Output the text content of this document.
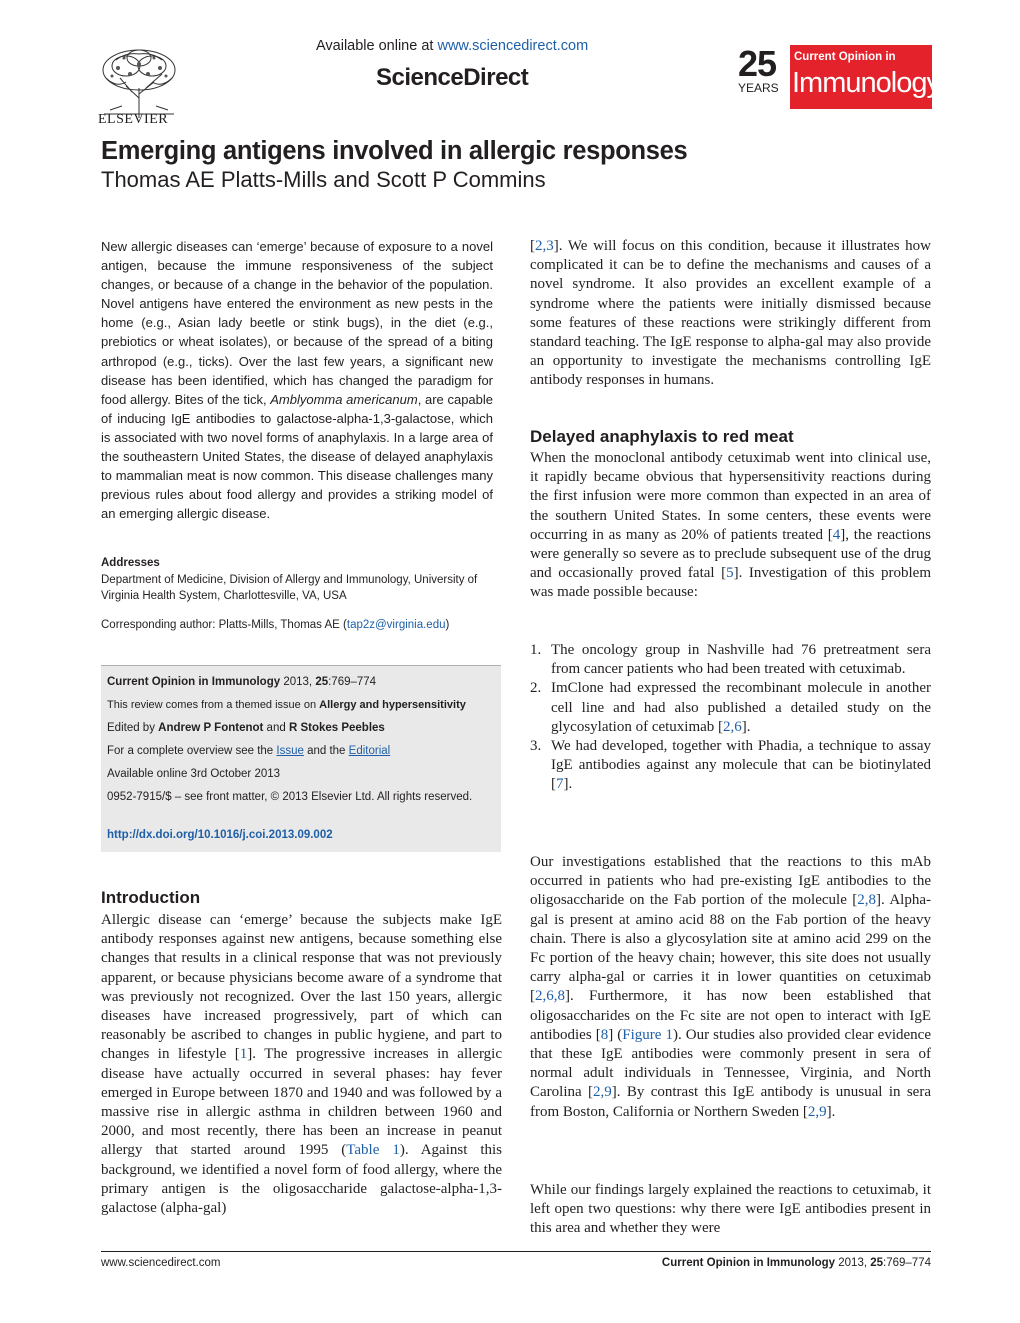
ELSEVIER
Available online at www.sciencedirect.com
ScienceDirect	25
YEARS
Current Opinion in
Immunology
Emerging antigens involved in allergic responses
Thomas AE Platts-Mills and Scott P Commins

New allergic diseases can ‘emerge’ because of exposure to a novel antigen, because the immune responsiveness of the subject changes, or because of a change in the behavior of the population. Novel antigens have entered the environment as new pests in the home (e.g., Asian lady beetle or stink bugs), in the diet (e.g., prebiotics or wheat isolates), or because of the spread of a biting arthropod (e.g., ticks). Over the last few years, a significant new disease has been identified, which has changed the paradigm for food allergy. Bites of the tick, Amblyomma americanum, are capable of inducing IgE antibodies to galactose-alpha-1,3-galactose, which is associated with two novel forms of anaphylaxis. In a large area of the southeastern United States, the disease of delayed anaphylaxis to mammalian meat is now common. This disease challenges many previous rules about food allergy and provides a striking model of an emerging allergic disease.

Addresses
Department of Medicine, Division of Allergy and Immunology, University of Virginia Health System, Charlottesville, VA, USA
Corresponding author: Platts-Mills, Thomas AE (tap2z@virginia.edu)
Current Opinion in Immunology 2013, 25:769–774
This review comes from a themed issue on Allergy and hypersensitivity
Edited by Andrew P Fontenot and R Stokes Peebles
For a complete overview see the Issue and the Editorial
Available online 3rd October 2013
0952-7915/$ – see front matter, © 2013 Elsevier Ltd. All rights reserved.
http://dx.doi.org/10.1016/j.coi.2013.09.002
Introduction

Allergic disease can ‘emerge’ because the subjects make IgE antibody responses against new antigens, because something else changes that results in a clinical response that was not previously apparent, or because physicians become aware of a syndrome that was previously not recognized. Over the last 150 years, allergic diseases have increased progressively, part of which can reasonably be ascribed to changes in public hygiene, and part to changes in lifestyle [1]. The progressive increases in allergic disease have actually occurred in several phases: hay fever emerged in Europe between 1870 and 1940 and was followed by a massive rise in allergic asthma in children between 1960 and 2000, and most recently, there has been an increase in peanut allergy that started around 1995 (Table 1). Against this background, we identified a novel form of food allergy, where the primary antigen is the oligosaccharide galactose-alpha-1,3-galactose (alpha-gal)

[2,3]. We will focus on this condition, because it illustrates how complicated it can be to define the mechanisms and causes of a novel syndrome. It also provides an excellent example of a syndrome where the patients were initially dismissed because some features of these reactions were strikingly different from standard teaching. The IgE response to alpha-gal may also provide an opportunity to investigate the mechanisms controlling IgE antibody responses in humans.

Delayed anaphylaxis to red meat

When the monoclonal antibody cetuximab went into clinical use, it rapidly became obvious that hypersensitivity reactions during the first infusion were more common than expected in an area of the southern United States. In some centers, these events were occurring in as many as 20% of patients treated [4], the reactions were generally so severe as to preclude subsequent use of the drug and occasionally proved fatal [5]. Investigation of this problem was made possible because:

1. The oncology group in Nashville had 76 pretreatment sera from cancer patients who had been treated with cetuximab.
2. ImClone had expressed the recombinant molecule in another cell line and had also published a detailed study on the glycosylation of cetuximab [2,6].
3. We had developed, together with Phadia, a technique to assay IgE antibodies against any molecule that can be biotinylated [7].

Our investigations established that the reactions to this mAb occurred in patients who had pre-existing IgE antibodies to the oligosaccharide on the Fab portion of the molecule [2,8]. Alpha-gal is present at amino acid 88 on the Fab portion of the heavy chain. There is also a glycosylation site at amino acid 299 on the Fc portion of the heavy chain; however, this site does not usually carry alpha-gal or carries it in lower quantities on cetuximab [2,6,8]. Furthermore, it has now been established that oligosaccharides on the Fc site are not open to interact with IgE antibodies [8] (Figure 1). Our studies also provided clear evidence that these IgE antibodies were commonly present in sera of normal adult individuals in Tennessee, Virginia, and North Carolina [2,9]. By contrast this IgE antibody is unusual in sera from Boston, California or Northern Sweden [2,9].

While our findings largely explained the reactions to cetuximab, it left open two questions: why there were IgE antibodies present in this area and whether they were

www.sciencedirect.com	Current Opinion in Immunology 2013, 25:769–774
